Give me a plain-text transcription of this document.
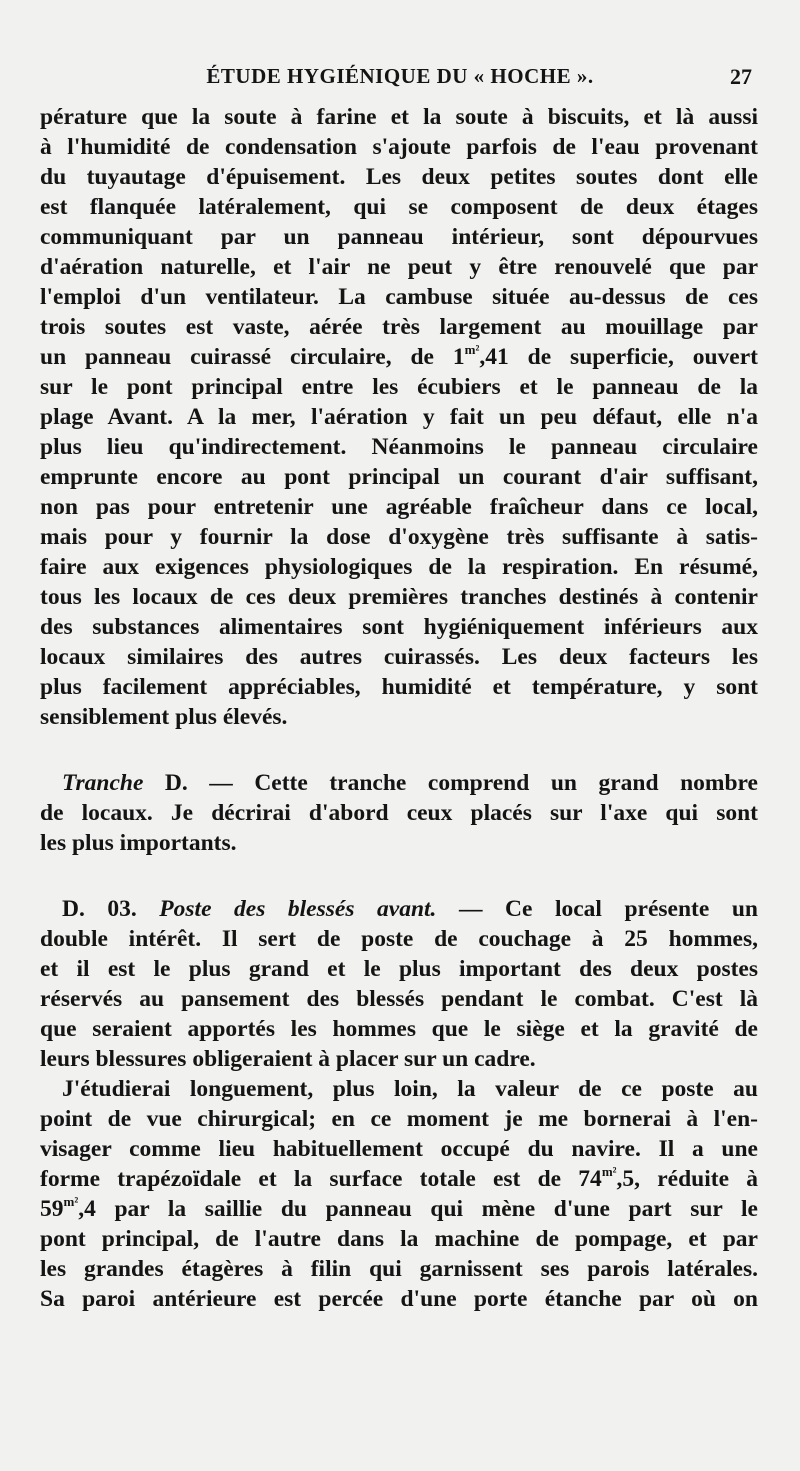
ÉTUDE HYGIÉNIQUE DU « HOCHE ».	27
pérature que la soute à farine et la soute à biscuits, et là aussi
à l'humidité de condensation s'ajoute parfois de l'eau provenant
du tuyautage d'épuisement. Les deux petites soutes dont elle
est flanquée latéralement, qui se composent de deux étages
communiquant par un panneau intérieur, sont dépourvues
d'aération naturelle, et l'air ne peut y être renouvelé que par
l'emploi d'un ventilateur. La cambuse située au-dessus de ces
trois soutes est vaste, aérée très largement au mouillage par
un panneau cuirassé circulaire, de $1^{m^2},41$ de superficie, ouvert
sur le pont principal entre les écubiers et le panneau de la
plage Avant. A la mer, l'aération y fait un peu défaut, elle n'a
plus lieu qu'indirectement. Néanmoins le panneau circulaire
emprunte encore au pont principal un courant d'air suffisant,
non pas pour entretenir une agréable fraîcheur dans ce local,
mais pour y fournir la dose d'oxygène très suffisante à satis-
faire aux exigences physiologiques de la respiration. En résumé,
tous les locaux de ces deux premières tranches destinés à contenir
des substances alimentaires sont hygiéniquement inférieurs aux
locaux similaires des autres cuirassés. Les deux facteurs les
plus facilement appréciables, humidité et température, y sont
sensiblement plus élevés.
Tranche D. — Cette tranche comprend un grand nombre
de locaux. Je décrirai d'abord ceux placés sur l'axe qui sont
les plus importants.
D. 03. Poste des blessés avant. — Ce local présente un
double intérêt. Il sert de poste de couchage à 25 hommes,
et il est le plus grand et le plus important des deux postes
réservés au pansement des blessés pendant le combat. C'est là
que seraient apportés les hommes que le siège et la gravité de
leurs blessures obligeraient à placer sur un cadre.
J'étudierai longuement, plus loin, la valeur de ce poste au
point de vue chirurgical; en ce moment je me bornerai à l'en-
visager comme lieu habituellement occupé du navire. Il a une
forme trapézoïdale et la surface totale est de $74^{m^2},5$, réduite à
$59^{m^2},4$ par la saillie du panneau qui mène d'une part sur le
pont principal, de l'autre dans la machine de pompage, et par
les grandes étagères à filin qui garnissent ses parois latérales.
Sa paroi antérieure est percée d'une porte étanche par où on
